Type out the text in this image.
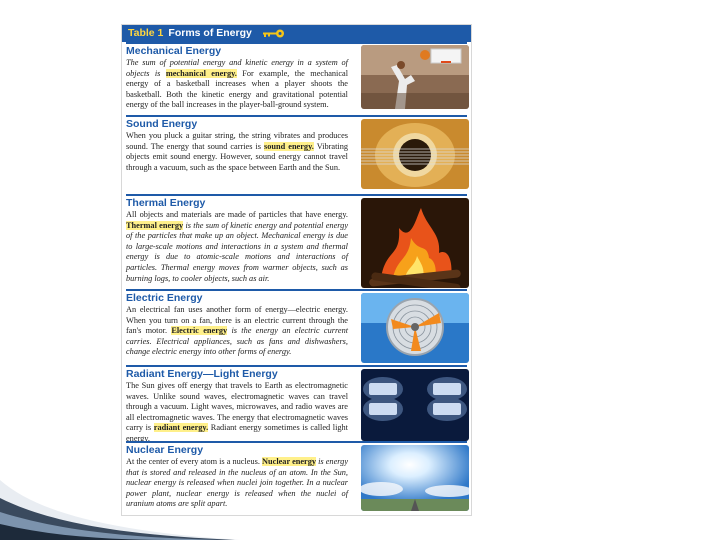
Table 1 Forms of Energy
Mechanical Energy
The sum of potential energy and kinetic energy in a system of objects is mechanical energy. For example, the mechanical energy of a basketball increases when a player shoots the basketball. Both the kinetic energy and gravitational potential energy of the ball increases in the player-ball-ground system.
Sound Energy
When you pluck a guitar string, the string vibrates and produces sound. The energy that sound carries is sound energy. Vibrating objects emit sound energy. However, sound energy cannot travel through a vacuum, such as the space between Earth and the Sun.
Thermal Energy
All objects and materials are made of particles that have energy. Thermal energy is the sum of kinetic energy and potential energy of the particles that make up an object. Mechanical energy is due to large-scale motions and interactions in a system and thermal energy is due to atomic-scale motions and interactions of particles. Thermal energy moves from warmer objects, such as burning logs, to cooler objects, such as air.
Electric Energy
An electrical fan uses another form of energy—electric energy. When you turn on a fan, there is an electric current through the fan's motor. Electric energy is the energy an electric current carries. Electrical appliances, such as fans and dishwashers, change electric energy into other forms of energy.
Radiant Energy—Light Energy
The Sun gives off energy that travels to Earth as electromagnetic waves. Unlike sound waves, electromagnetic waves can travel through a vacuum. Light waves, microwaves, and radio waves are all electromagnetic waves. The energy that electromagnetic waves carry is radiant energy. Radiant energy sometimes is called light energy.
Nuclear Energy
At the center of every atom is a nucleus. Nuclear energy is energy that is stored and released in the nucleus of an atom. In the Sun, nuclear energy is released when nuclei join together. In a nuclear power plant, nuclear energy is released when the nuclei of uranium atoms are split apart.
